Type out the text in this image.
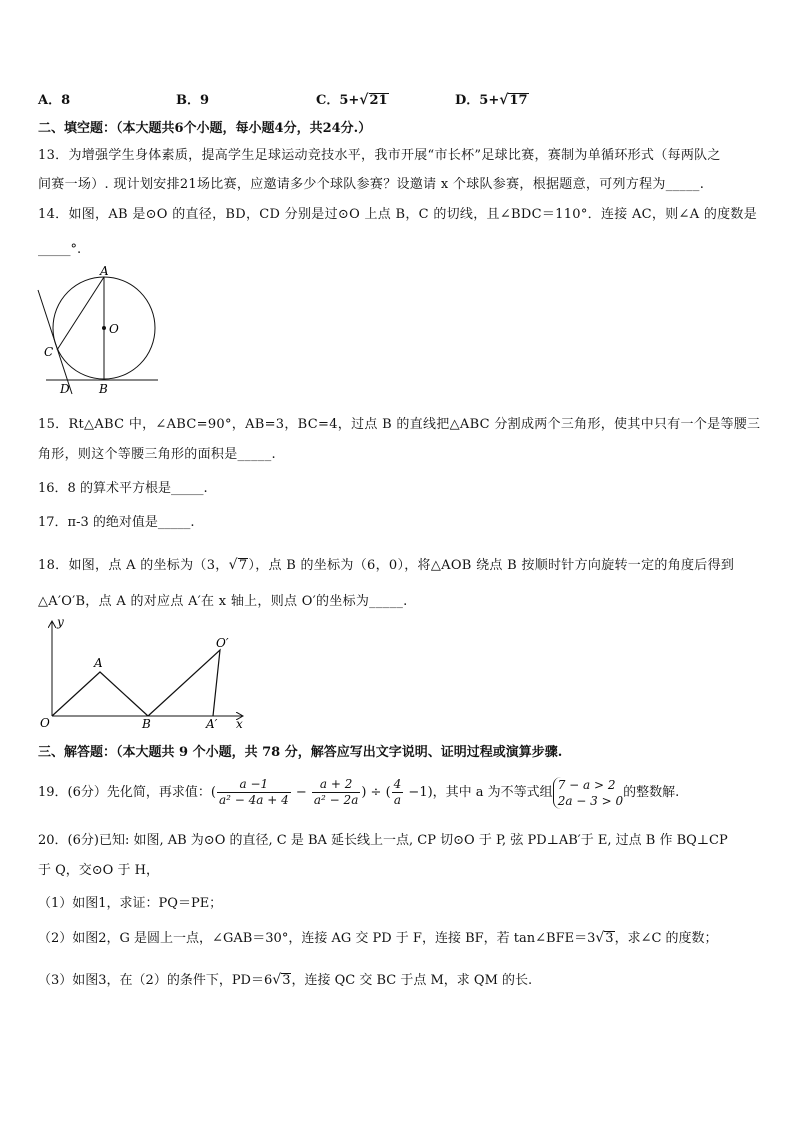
A．8	B．9	C．5+√21	D．5+√17
二、填空题：（本大题共6个小题，每小题4分，共24分.）
13．为增强学生身体素质，提高学生足球运动竞技水平，我市开展“市长杯”足球比赛，赛制为单循环形式（每两队之
间赛一场）. 现计划安排21场比赛，应邀请多少个球队参赛？设邀请 x 个球队参赛，根据题意，可列方程为_____.
14．如图，AB 是⊙O 的直径，BD，CD 分别是过⊙O 上点 B，C 的切线，且∠BDC＝110°．连接 AC，则∠A 的度数是
_____°.
A
O
C
D B
15．Rt△ABC 中，∠ABC=90°，AB=3，BC=4，过点 B 的直线把△ABC 分割成两个三角形，使其中只有一个是等腰三
角形，则这个等腰三角形的面积是_____.
16．8 的算术平方根是_____.
17．π-3 的绝对值是_____.
18．如图，点 A 的坐标为（3，√7），点 B 的坐标为（6，0），将△AOB 绕点 B 按顺时针方向旋转一定的角度后得到
△A′O′B，点 A 的对应点 A′在 x 轴上，则点 O′的坐标为_____.
y
x
O
A
B	A′
O′
三、解答题：（本大题共 9 个小题，共 78 分，解答应写出文字说明、证明过程或演算步骤.
19．(6分）先化简，再求值：( $\frac{a -1}{\text{a² − 4a + 4}} - \frac{a + 2}{\text{a² − 2a}}$ ) ÷ ( $\frac{4}{a} -1$)，其中 a 为不等式组
7 − a > 2
2a − 3 > 0
的整数解.
20．(6分)已知: 如图, AB 为⊙O 的直径, C 是 BA 延长线上一点, CP 切⊙O 于 P, 弦 PD⊥AB′于 E, 过点 B 作 BQ⊥CP
于 Q，交⊙O 于 H，
（1）如图1，求证：PQ＝PE；
（2）如图2，G 是圆上一点，∠GAB＝30°，连接 AG 交 PD 于 F，连接 BF，若 tan∠BFE＝3√3，求∠C 的度数；
（3）如图3，在（2）的条件下，PD＝6√3，连接 QC 交 BC 于点 M，求 QM 的长.
